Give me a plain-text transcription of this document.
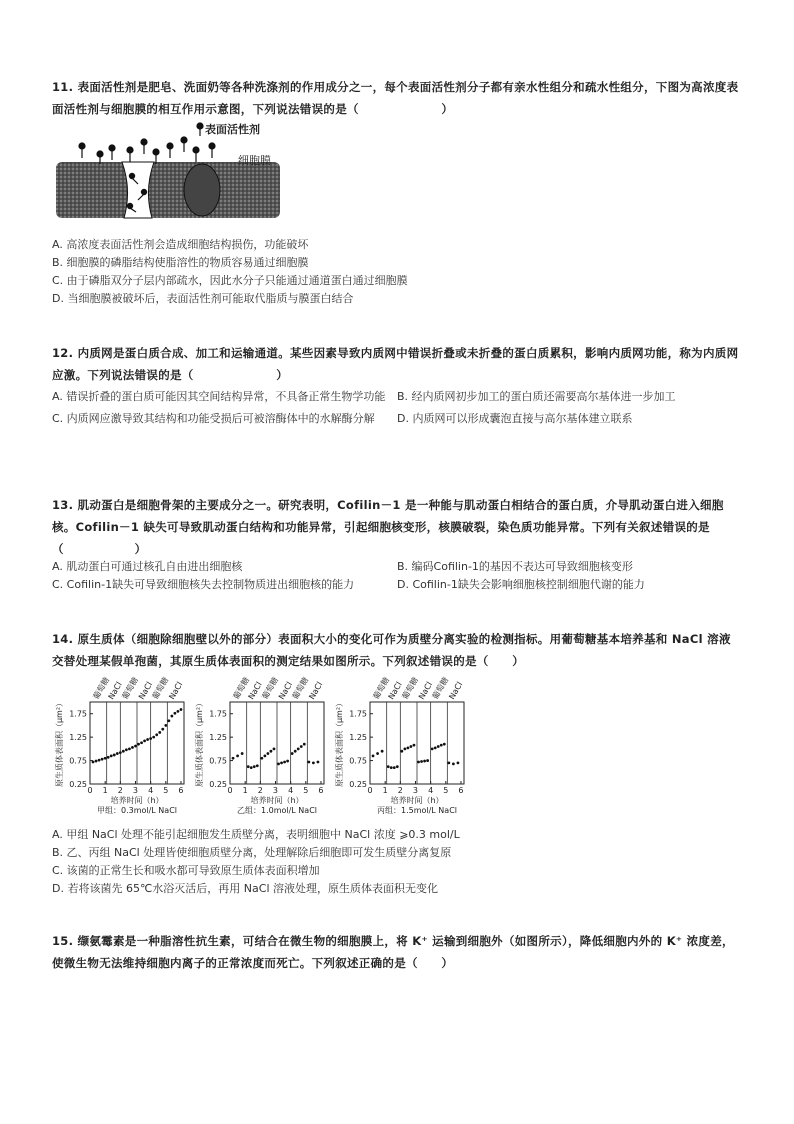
11. 表面活性剂是肥皂、洗面奶等各种洗涤剂的作用成分之一，每个表面活性剂分子都有亲水性组分和疏水性组分，下图为高浓度表面活性剂与细胞膜的相互作用示意图，下列说法错误的是（　　　　　　　）
表面活性剂
细胞膜
A. 高浓度表面活性剂会造成细胞结构损伤，功能破坏
B. 细胞膜的磷脂结构使脂溶性的物质容易通过细胞膜
C. 由于磷脂双分子层内部疏水，因此水分子只能通过通道蛋白通过细胞膜
D. 当细胞膜被破坏后，表面活性剂可能取代脂质与膜蛋白结合
12. 内质网是蛋白质合成、加工和运输通道。某些因素导致内质网中错误折叠或未折叠的蛋白质累积，影响内质网功能，称为内质网应激。下列说法错误的是（　　　　　　　）
A. 错误折叠的蛋白质可能因其空间结构异常，不具备正常生物学功能	B. 经内质网初步加工的蛋白质还需要高尔基体进一步加工
C. 内质网应激导致其结构和功能受损后可被溶酶体中的水解酶分解	D. 内质网可以形成囊泡直接与高尔基体建立联系
13. 肌动蛋白是细胞骨架的主要成分之一。研究表明，Cofilin－1 是一种能与肌动蛋白相结合的蛋白质，介导肌动蛋白进入细胞核。Cofilin－1 缺失可导致肌动蛋白结构和功能异常，引起细胞核变形，核膜破裂，染色质功能异常。下列有关叙述错误的是（　　　　　　）
A. 肌动蛋白可通过核孔自由进出细胞核	B. 编码Cofilin-1的基因不表达可导致细胞核变形
C. Cofilin-1缺失可导致细胞核失去控制物质进出细胞核的能力	D. Cofilin-1缺失会影响细胞核控制细胞代谢的能力
14. 原生质体（细胞除细胞壁以外的部分）表面积大小的变化可作为质壁分离实验的检测指标。用葡萄糖基本培养基和 NaCl 溶液交替处理某假单孢菌，其原生质体表面积的测定结果如图所示。下列叙述错误的是（　　）
葡萄糖
NaCl
葡萄糖
NaCl
葡萄糖
NaCl
0.25
0.75
1.25
1.75
0 1 2 3 4 5 6
原生质体表面积（μm²）
培养时间（h）
甲组：0.3mol/L NaCl
葡萄糖
NaCl
葡萄糖
NaCl
葡萄糖
NaCl
0.25
0.75
1.25
1.75
0 1 2 3 4 5 6
原生质体表面积（μm²）
培养时间（h）
乙组：1.0mol/L NaCl
葡萄糖
NaCl
葡萄糖
NaCl
葡萄糖
NaCl
0.25
0.75
1.25
1.75
0 1 2 3 4 5 6
原生质体表面积（μm²）
培养时间（h）
丙组：1.5mol/L NaCl
A. 甲组 NaCl 处理不能引起细胞发生质壁分离，表明细胞中 NaCl 浓度 ⩾0.3 mol/L
B. 乙、丙组 NaCl 处理皆使细胞质壁分离，处理解除后细胞即可发生质壁分离复原
C. 该菌的正常生长和吸水都可导致原生质体表面积增加
D. 若将该菌先 65℃水浴灭活后，再用 NaCl 溶液处理，原生质体表面积无变化
15. 缬氨霉素是一种脂溶性抗生素，可结合在微生物的细胞膜上，将 K⁺ 运输到细胞外（如图所示），降低细胞内外的 K⁺ 浓度差，使微生物无法维持细胞内离子的正常浓度而死亡。下列叙述正确的是（　　）
